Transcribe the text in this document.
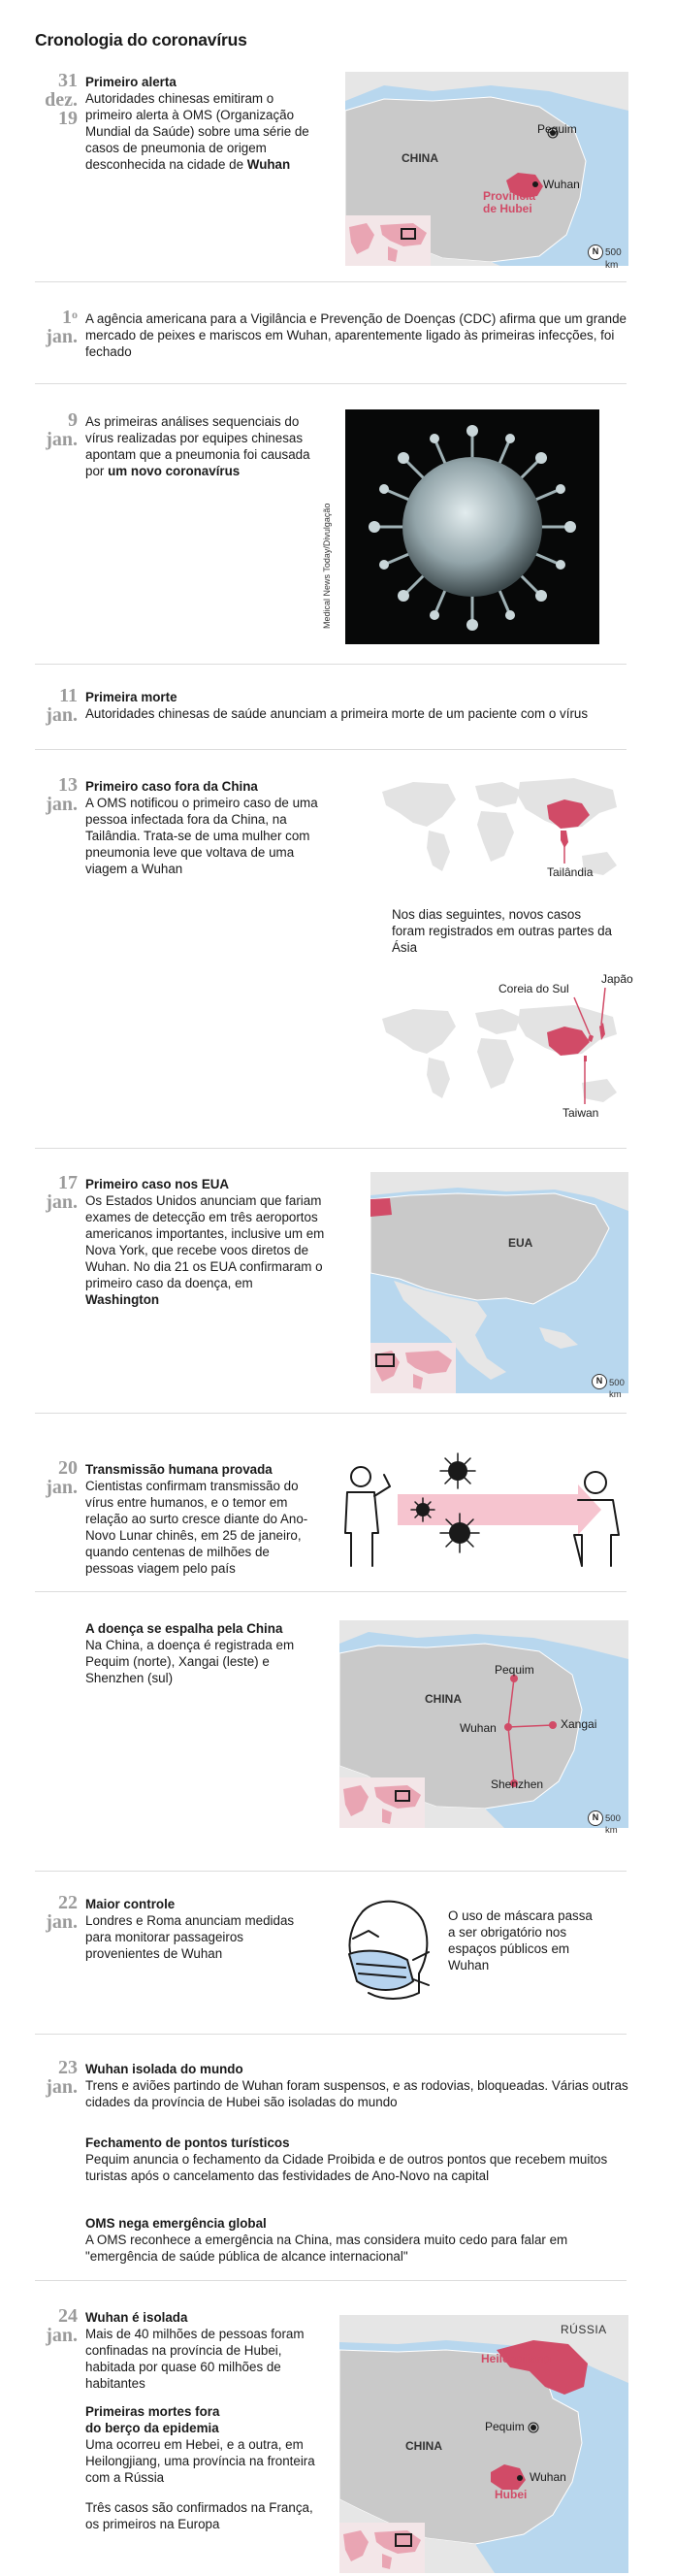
Cronologia do coronavírus
31
dez.
19
Primeiro alerta
Autoridades chinesas emitiram o primeiro alerta à OMS (Organização Mundial da Saúde) sobre uma série de casos de pneumonia de origem desconhecida na cidade de Wuhan	CHINA
Pequim
Wuhan
Província
de Hubei
N 500 km
1$^o$
jan.
A agência americana para a Vigilância e Prevenção de Doenças (CDC) afirma que um grande mercado de peixes e mariscos em Wuhan, aparentemente ligado às primeiras infecções, foi fechado
9
jan.
As primeiras análises sequenciais do vírus realizadas por equipes chinesas apontam que a pneumonia foi causada por um novo coronavírus
Medical News Today/Divulgação
11
jan.
Primeira morte
Autoridades chinesas de saúde anunciam a primeira morte de um paciente com o vírus
13
jan.
Primeiro caso fora da China
A OMS notificou o primeiro caso de uma pessoa infectada fora da China, na Tailândia. Trata-se de uma mulher com pneumonia leve que voltava de uma viagem a Wuhan	Tailândia
Nos dias seguintes, novos casos foram registrados em outras partes da Ásia
Japão
Coreia do Sul
Taiwan
17
jan.
Primeiro caso nos EUA
Os Estados Unidos anunciam que fariam exames de detecção em três aeroportos americanos importantes, inclusive um em Nova York, que recebe voos diretos de Wuhan. No dia 21 os EUA confirmaram o primeiro caso da doença, em Washington
EUA
N 500 km
20
jan.
Transmissão humana provada
Cientistas confirmam transmissão do vírus entre humanos, e o temor em relação ao surto cresce diante do Ano-Novo Lunar chinês, em 25 de janeiro, quando centenas de milhões de pessoas viagem pelo país
A doença se espalha pela China
Na China, a doença é registrada em Pequim (norte), Xangai (leste) e Shenzhen (sul)
CHINA
Pequim
Wuhan	Xangai
Shenzhen
N 500 km
22
jan.
Maior controle
Londres e Roma anunciam medidas para monitorar passageiros provenientes de Wuhan
O uso de máscara passa a ser obrigatório nos espaços públicos em Wuhan
23
jan.
Wuhan isolada do mundo
Trens e aviões partindo de Wuhan foram suspensos, e as rodovias, bloqueadas. Várias outras cidades da província de Hubei são isoladas do mundo
Fechamento de pontos turísticos
Pequim anuncia o fechamento da Cidade Proibida e de outros pontos que recebem muitos turistas após o cancelamento das festividades de Ano-Novo na capital
OMS nega emergência global
A OMS reconhece a emergência na China, mas considera muito cedo para falar em "emergência de saúde pública de alcance internacional"
24
jan.
Wuhan é isolada
Mais de 40 milhões de pessoas foram confinadas na província de Hubei, habitada por quase 60 milhões de habitantes
Primeiras mortes fora
do berço da epidemia
Uma ocorreu em Hebei, e a outra, em Heilongjiang, uma província na fronteira com a Rússia
Três casos são confirmados na França, os primeiros na Europa
RÚSSIA
Heilongjiang
CHINA
Pequim
Wuhan
Hubei
